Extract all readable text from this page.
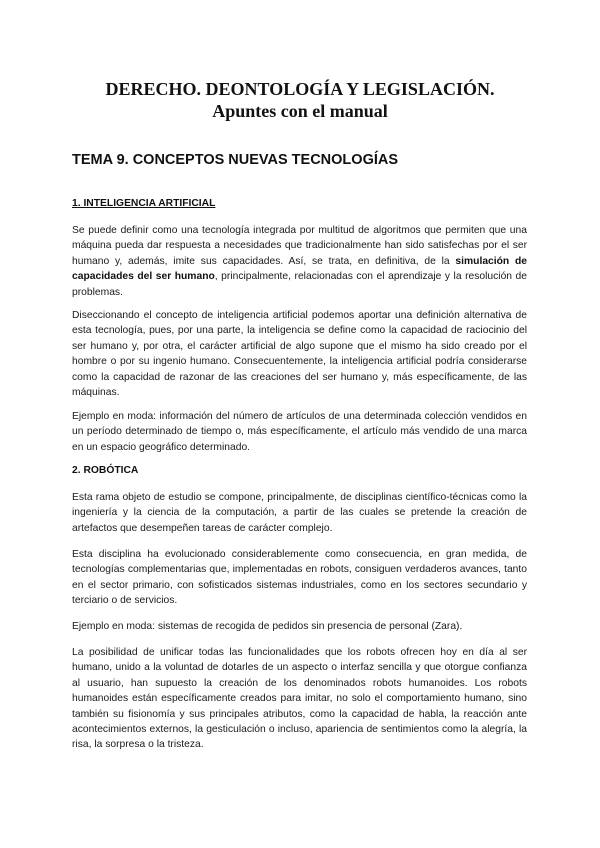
DERECHO. DEONTOLOGÍA Y LEGISLACIÓN.
Apuntes con el manual
TEMA 9. CONCEPTOS NUEVAS TECNOLOGÍAS
1. INTELIGENCIA ARTIFICIAL

Se puede definir como una tecnología integrada por multitud de algoritmos que permiten que una máquina pueda dar respuesta a necesidades que tradicionalmente han sido satisfechas por el ser humano y, además, imite sus capacidades. Así, se trata, en definitiva, de la simulación de capacidades del ser humano, principalmente, relacionadas con el aprendizaje y la resolución de problemas.

Diseccionando el concepto de inteligencia artificial podemos aportar una definición alternativa de esta tecnología, pues, por una parte, la inteligencia se define como la capacidad de raciocinio del ser humano y, por otra, el carácter artificial de algo supone que el mismo ha sido creado por el hombre o por su ingenio humano. Consecuentemente, la inteligencia artificial podría considerarse como la capacidad de razonar de las creaciones del ser humano y, más específicamente, de las máquinas.

Ejemplo en moda: información del número de artículos de una determinada colección vendidos en un período determinado de tiempo o, más específicamente, el artículo más vendido de una marca en un espacio geográfico determinado.

2. ROBÓTICA

Esta rama objeto de estudio se compone, principalmente, de disciplinas científico-técnicas como la ingeniería y la ciencia de la computación, a partir de las cuales se pretende la creación de artefactos que desempeñen tareas de carácter complejo.

Esta disciplina ha evolucionado considerablemente como consecuencia, en gran medida, de tecnologías complementarias que, implementadas en robots, consiguen verdaderos avances, tanto en el sector primario, con sofisticados sistemas industriales, como en los sectores secundario y terciario o de servicios.

Ejemplo en moda: sistemas de recogida de pedidos sin presencia de personal (Zara).

La posibilidad de unificar todas las funcionalidades que los robots ofrecen hoy en día al ser humano, unido a la voluntad de dotarles de un aspecto o interfaz sencilla y que otorgue confianza al usuario, han supuesto la creación de los denominados robots humanoides. Los robots humanoides están específicamente creados para imitar, no solo el comportamiento humano, sino también su fisionomía y sus principales atributos, como la capacidad de habla, la reacción ante acontecimientos externos, la gesticulación o incluso, apariencia de sentimientos como la alegría, la risa, la sorpresa o la tristeza.
